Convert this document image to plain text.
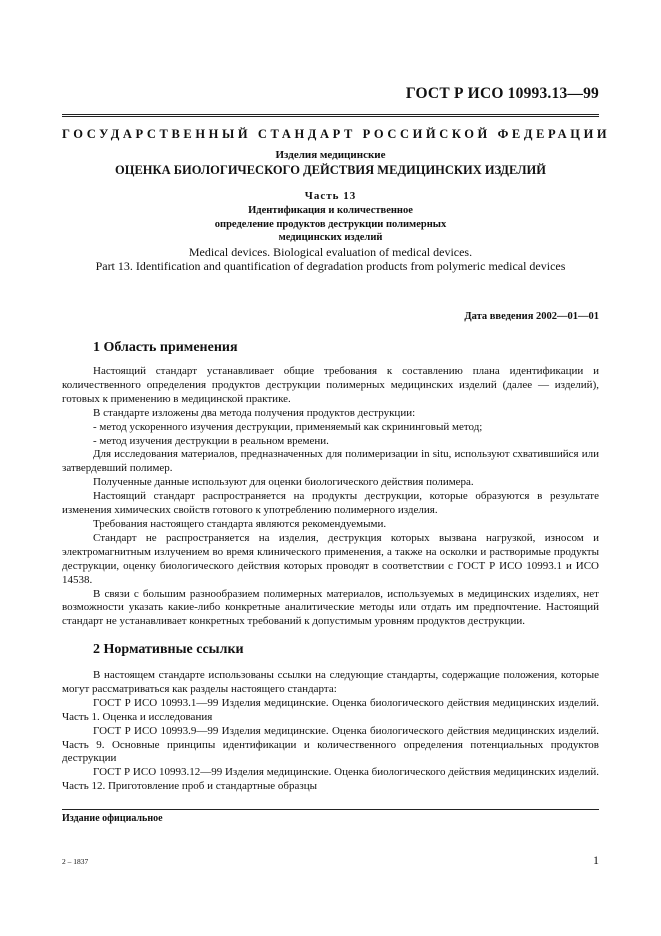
ГОСТ Р ИСО 10993.13—99
ГОСУДАРСТВЕННЫЙ СТАНДАРТ РОССИЙСКОЙ ФЕДЕРАЦИИ
Изделия медицинские
ОЦЕНКА БИОЛОГИЧЕСКОГО ДЕЙСТВИЯ МЕДИЦИНСКИХ ИЗДЕЛИЙ
Часть 13
Идентификация и количественное
определение продуктов деструкции полимерных
медицинских изделий
Medical devices. Biological evaluation of medical devices.
Part 13. Identification and quantification of degradation products from polymeric medical devices
Дата введения 2002—01—01
1 Область применения

Настоящий стандарт устанавливает общие требования к составлению плана идентификации и количественного определения продуктов деструкции полимерных медицинских изделий (далее — изделий), готовых к применению в медицинской практике.

В стандарте изложены два метода получения продуктов деструкции:

- метод ускоренного изучения деструкции, применяемый как скрининговый метод;

- метод изучения деструкции в реальном времени.

Для исследования материалов, предназначенных для полимеризации in situ, используют схватившийся или затвердевший полимер.

Полученные данные используют для оценки биологического действия полимера.

Настоящий стандарт распространяется на продукты деструкции, которые образуются в результате изменения химических свойств готового к употреблению полимерного изделия.

Требования настоящего стандарта являются рекомендуемыми.

Стандарт не распространяется на изделия, деструкция которых вызвана нагрузкой, износом и электромагнитным излучением во время клинического применения, а также на осколки и растворимые продукты деструкции, оценку биологического действия которых проводят в соответствии с ГОСТ Р ИСО 10993.1 и ИСО 14538.

В связи с большим разнообразием полимерных материалов, используемых в медицинских изделиях, нет возможности указать какие-либо конкретные аналитические методы или отдать им предпочтение. Настоящий стандарт не устанавливает конкретных требований к допустимым уровням продуктов деструкции.

2 Нормативные ссылки

В настоящем стандарте использованы ссылки на следующие стандарты, содержащие положения, которые могут рассматриваться как разделы настоящего стандарта:

ГОСТ Р ИСО 10993.1—99 Изделия медицинские. Оценка биологического действия медицинских изделий. Часть 1. Оценка и исследования

ГОСТ Р ИСО 10993.9—99 Изделия медицинские. Оценка биологического действия медицинских изделий. Часть 9. Основные принципы идентификации и количественного определения потенциальных продуктов деструкции

ГОСТ Р ИСО 10993.12—99 Изделия медицинские. Оценка биологического действия медицинских изделий. Часть 12. Приготовление проб и стандартные образцы

Издание официальное
2 – 1837	1
